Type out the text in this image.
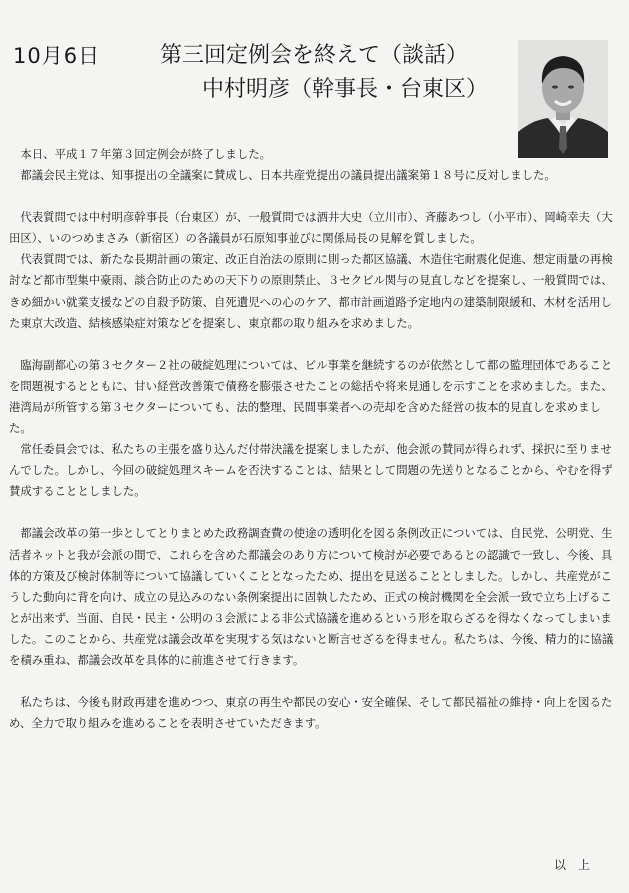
10月6日	第三回定例会を終えて（談話）
中村明彦（幹事長・台東区）

本日、平成１７年第３回定例会が終了しました。

都議会民主党は、知事提出の全議案に賛成し、日本共産党提出の議員提出議案第１８号に反対しました。

代表質問では中村明彦幹事長（台東区）が、一般質問では酒井大史（立川市）、斉藤あつし（小平市）、岡崎幸夫（大田区）、いのつめまさみ（新宿区）の各議員が石原知事並びに関係局長の見解を質しました。

代表質問では、新たな長期計画の策定、改正自治法の原則に則った都区協議、木造住宅耐震化促進、想定雨量の再検討など都市型集中豪雨、談合防止のための天下りの原則禁止、３セクビル関与の見直しなどを提案し、一般質問では、きめ細かい就業支援などの自殺予防策、自死遺児への心のケア、都市計画道路予定地内の建築制限緩和、木材を活用した東京大改造、結核感染症対策などを提案し、東京都の取り組みを求めました。

臨海副都心の第３セクター２社の破綻処理については、ビル事業を継続するのが依然として都の監理団体であることを問題視するとともに、甘い経営改善策で債務を膨張させたことの総括や将来見通しを示すことを求めました。また、港湾局が所管する第３セクターについても、法的整理、民間事業者への売却を含めた経営の抜本的見直しを求めました。

常任委員会では、私たちの主張を盛り込んだ付帯決議を提案しましたが、他会派の賛同が得られず、採択に至りませんでした。しかし、今回の破綻処理スキームを否決することは、結果として問題の先送りとなることから、やむを得ず賛成することとしました。

都議会改革の第一歩としてとりまとめた政務調査費の使途の透明化を図る条例改正については、自民党、公明党、生活者ネットと我が会派の間で、これらを含めた都議会のあり方について検討が必要であるとの認識で一致し、今後、具体的方策及び検討体制等について協議していくこととなったため、提出を見送ることとしました。しかし、共産党がこうした動向に背を向け、成立の見込みのない条例案提出に固執したため、正式の検討機関を全会派一致で立ち上げることが出来ず、当面、自民・民主・公明の３会派による非公式協議を進めるという形を取らざるを得なくなってしまいました。このことから、共産党は議会改革を実現する気はないと断言せざるを得ません。私たちは、今後、精力的に協議を積み重ね、都議会改革を具体的に前進させて行きます。

私たちは、今後も財政再建を進めつつ、東京の再生や都民の安心・安全確保、そして都民福祉の維持・向上を図るため、全力で取り組みを進めることを表明させていただきます。

以　上
